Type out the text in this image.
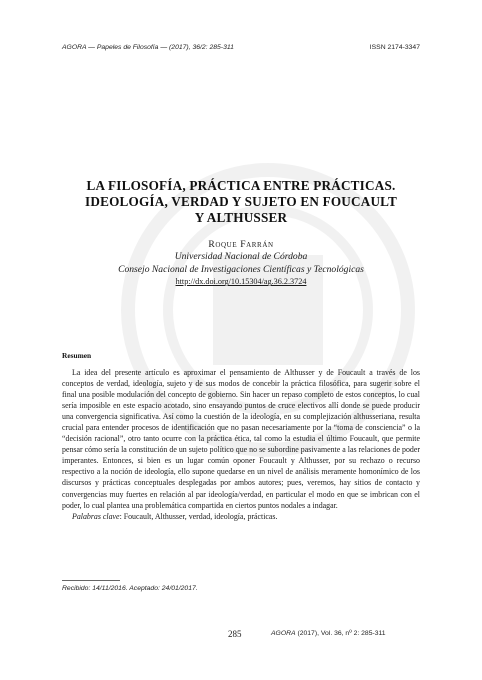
AGORA — Papeles de Filosofía — (2017), 36/2: 285-311	ISSN 2174-3347
LA FILOSOFÍA, PRÁCTICA ENTRE PRÁCTICAS.
IDEOLOGÍA, VERDAD Y SUJETO EN FOUCAULT
Y ALTHUSSER
Roque Farrán
Universidad Nacional de Córdoba
Consejo Nacional de Investigaciones Científicas y Tecnológicas
http://dx.doi.org/10.15304/ag.36.2.3724
Resumen

La idea del presente artículo es aproximar el pensamiento de Althusser y de Foucault a través de los conceptos de verdad, ideología, sujeto y de sus modos de concebir la práctica filosófica, para sugerir sobre el final una posible modulación del concepto de gobierno. Sin hacer un repaso completo de estos conceptos, lo cual sería imposible en este espacio acotado, sino ensayando puntos de cruce electivos allí donde se puede producir una convergencia significativa. Así como la cuestión de la ideología, en su complejización althusseriana, resulta crucial para entender procesos de identificación que no pasan necesariamente por la “toma de consciencia” o la “decisión racional”, otro tanto ocurre con la práctica ética, tal como la estudia el último Foucault, que permite pensar cómo sería la constitución de un sujeto político que no se subordine pasivamente a las relaciones de poder imperantes. Entonces, si bien es un lugar común oponer Foucault y Althusser, por su rechazo o recurso respectivo a la noción de ideología, ello supone quedarse en un nivel de análisis meramente homonímico de los discursos y prácticas conceptuales desplegadas por ambos autores; pues, veremos, hay sitios de contacto y convergencias muy fuertes en relación al par ideología/verdad, en particular el modo en que se imbrican con el poder, lo cual plantea una problemática compartida en ciertos puntos nodales a indagar.

Palabras clave: Foucault, Althusser, verdad, ideología, prácticas.

Recibido: 14/11/2016. Aceptado: 24/01/2017.
285	AGORA (2017), Vol. 36, nº 2: 285-311
